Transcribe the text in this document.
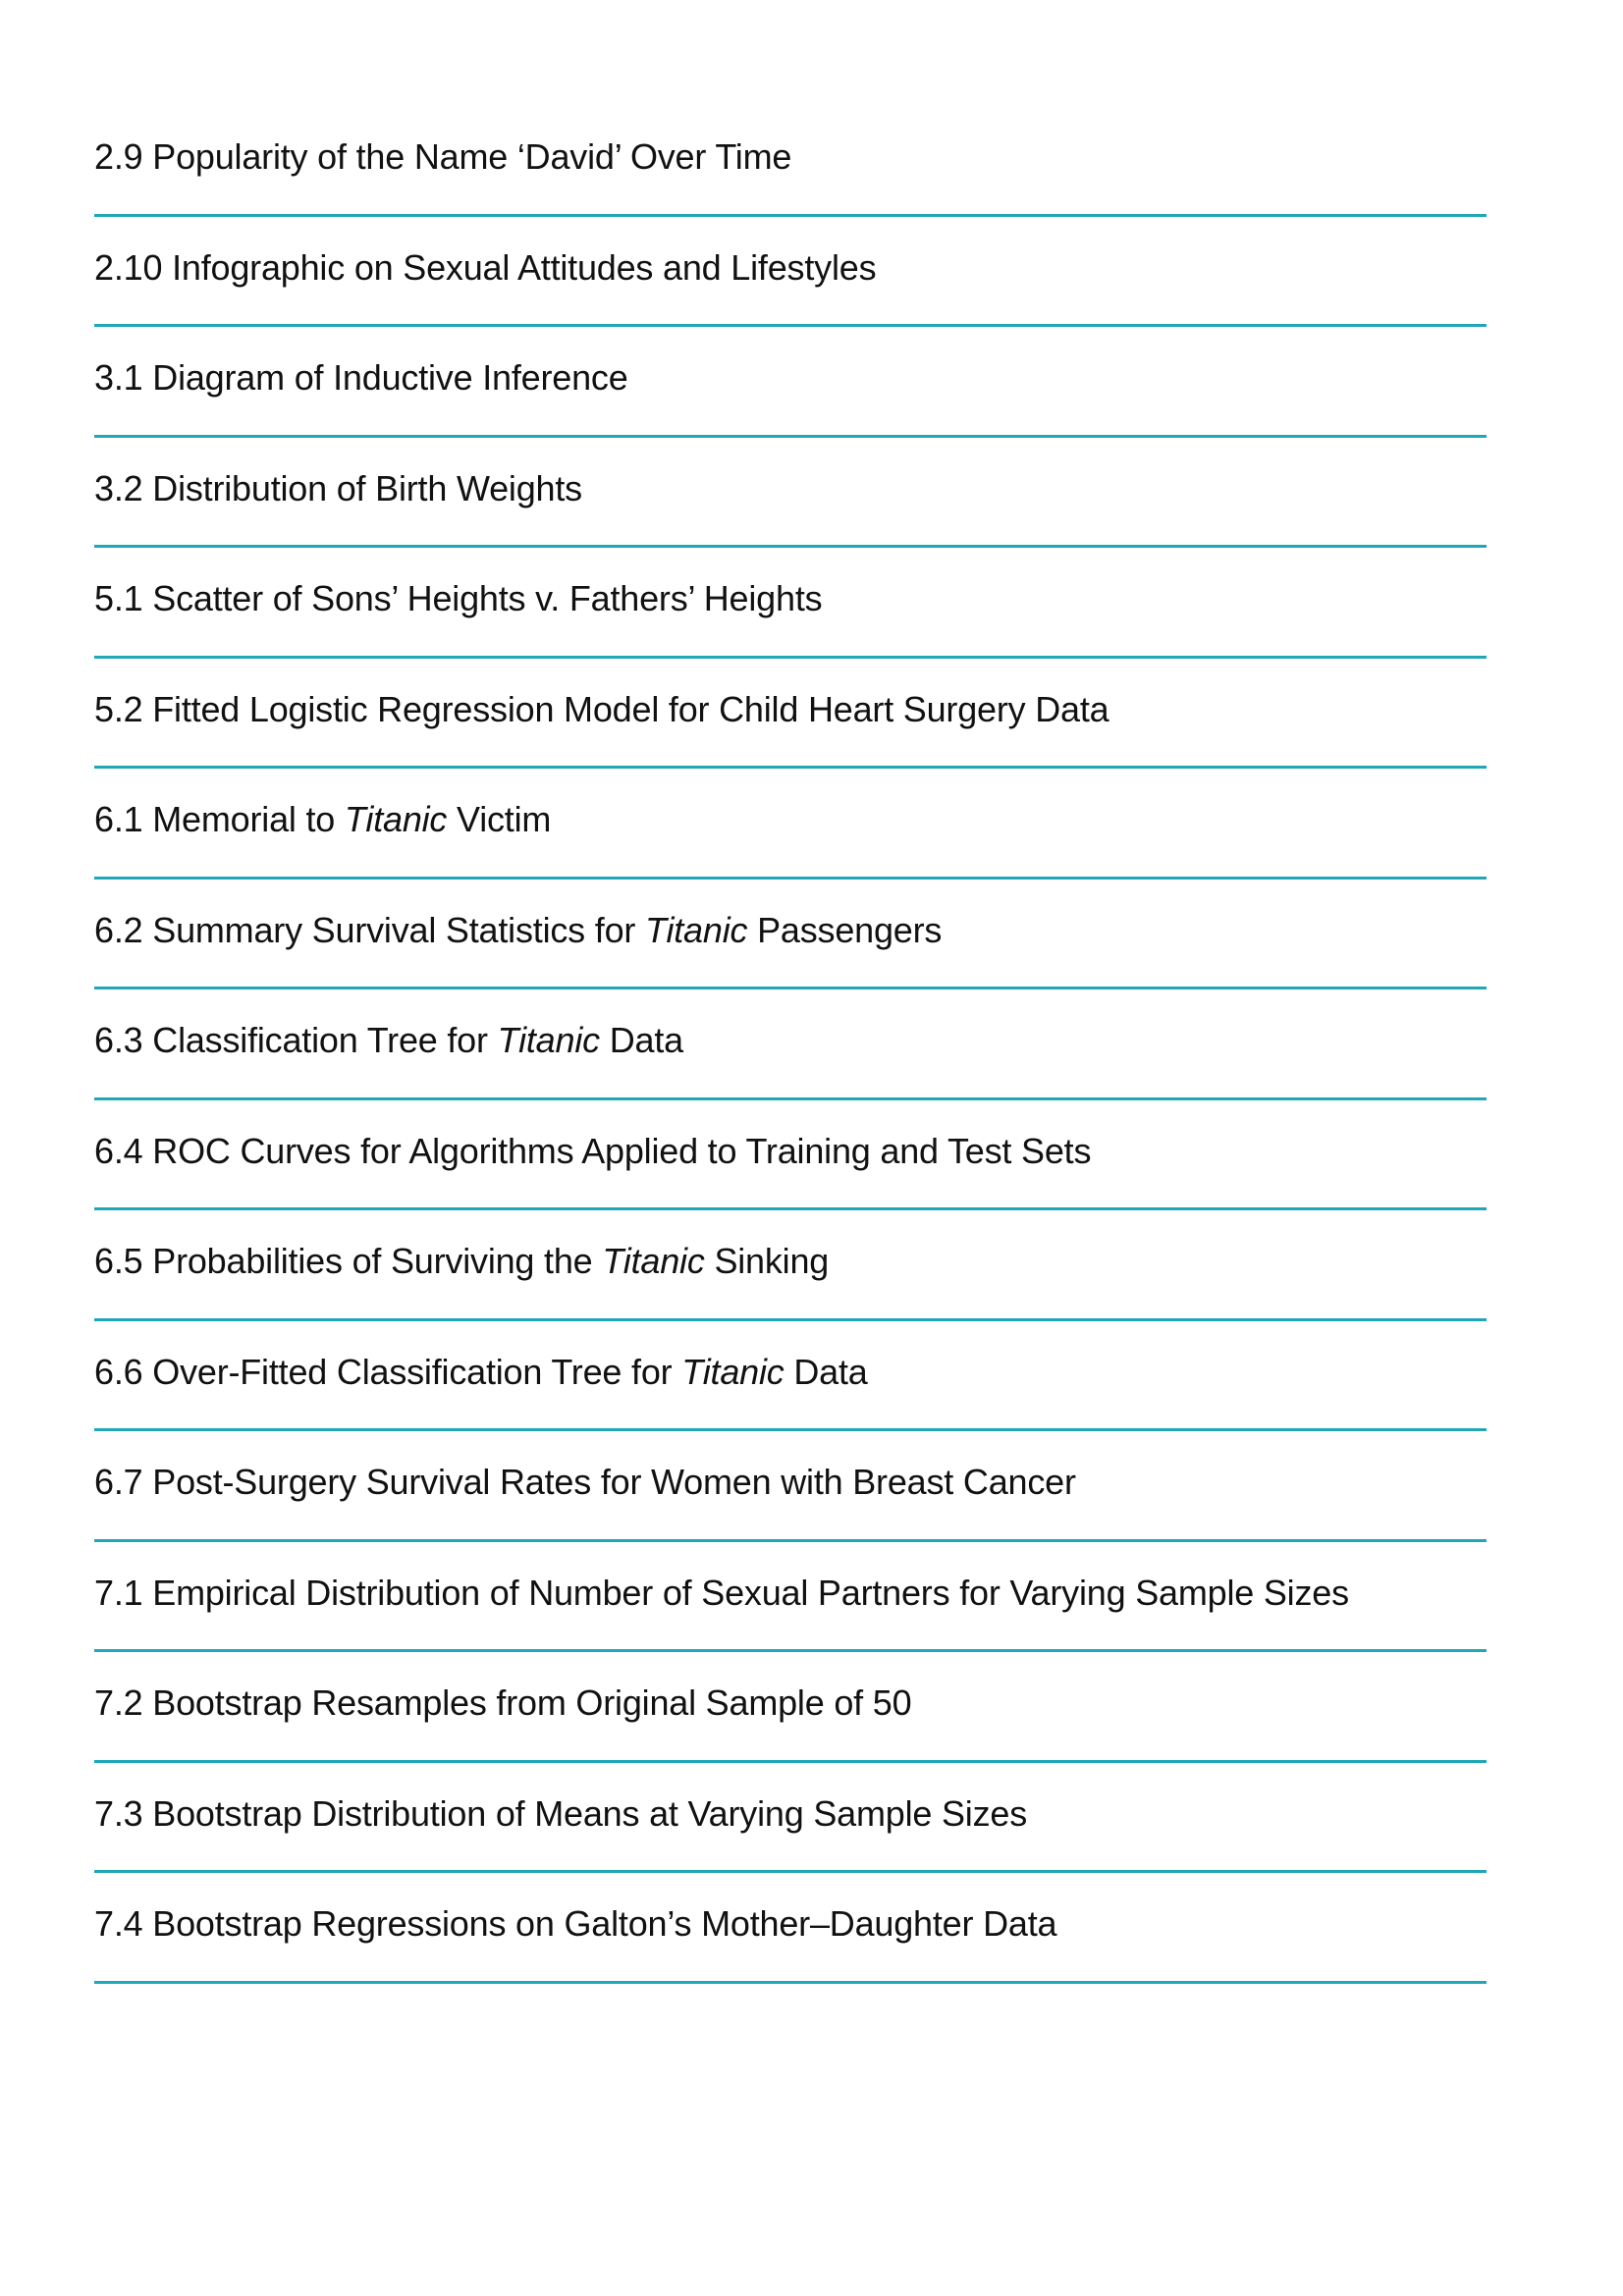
2.9 Popularity of the Name ‘David’ Over Time
2.10 Infographic on Sexual Attitudes and Lifestyles
3.1 Diagram of Inductive Inference
3.2 Distribution of Birth Weights
5.1 Scatter of Sons’ Heights v. Fathers’ Heights
5.2 Fitted Logistic Regression Model for Child Heart Surgery Data
6.1 Memorial to Titanic Victim
6.2 Summary Survival Statistics for Titanic Passengers
6.3 Classification Tree for Titanic Data
6.4 ROC Curves for Algorithms Applied to Training and Test Sets
6.5 Probabilities of Surviving the Titanic Sinking
6.6 Over-Fitted Classification Tree for Titanic Data
6.7 Post-Surgery Survival Rates for Women with Breast Cancer
7.1 Empirical Distribution of Number of Sexual Partners for Varying Sample Sizes
7.2 Bootstrap Resamples from Original Sample of 50
7.3 Bootstrap Distribution of Means at Varying Sample Sizes
7.4 Bootstrap Regressions on Galton’s Mother–Daughter Data
